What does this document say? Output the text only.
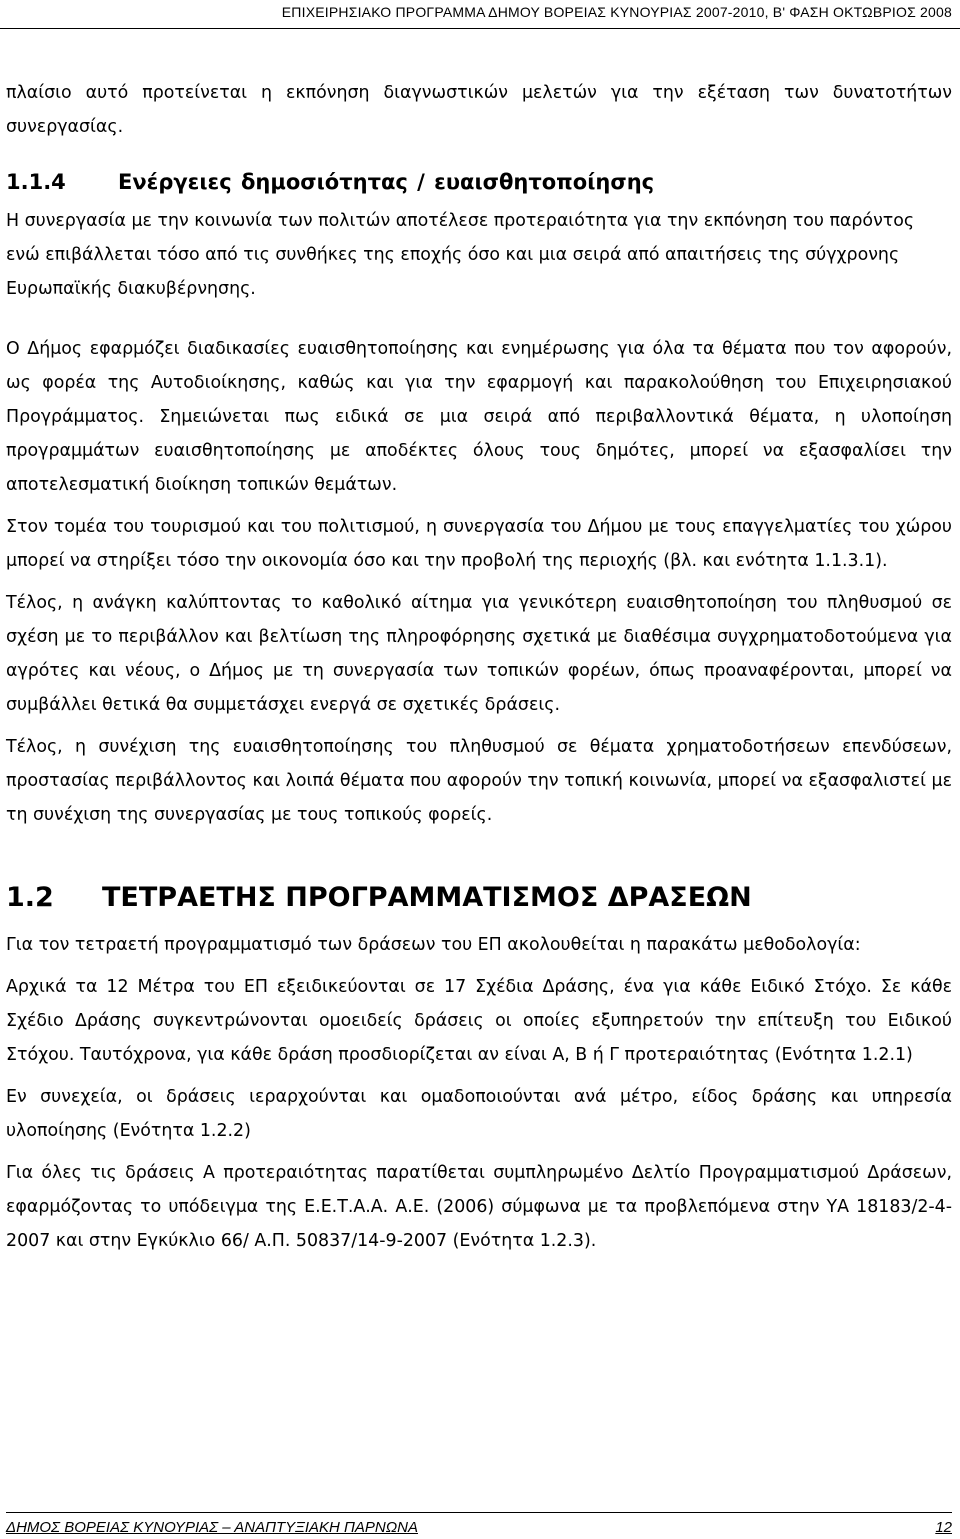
ΕΠΙΧΕΙΡΗΣΙΑΚΟ ΠΡΟΓΡΑΜΜΑ ΔΗΜΟΥ ΒΟΡΕΙΑΣ ΚΥΝΟΥΡΙΑΣ 2007-2010, Β' ΦΑΣΗ ΟΚΤΩΒΡΙΟΣ 2008

πλαίσιο αυτό προτείνεται η εκπόνηση διαγνωστικών μελετών για την εξέταση των δυνατοτήτων συνεργασίας.

1.1.4 Ενέργειες δημοσιότητας / ευαισθητοποίησης

Η συνεργασία με την κοινωνία των πολιτών αποτέλεσε προτεραιότητα για την εκπόνηση του παρόντος ενώ επιβάλλεται τόσο από τις συνθήκες της εποχής όσο και μια σειρά από απαιτήσεις της σύγχρονης Ευρωπαϊκής διακυβέρνησης.

Ο Δήμος εφαρμόζει διαδικασίες ευαισθητοποίησης και ενημέρωσης για όλα τα θέματα που τον αφορούν, ως φορέα της Αυτοδιοίκησης, καθώς και για την εφαρμογή και παρακολούθηση του Επιχειρησιακού Προγράμματος. Σημειώνεται πως ειδικά σε μια σειρά από περιβαλλοντικά θέματα, η υλοποίηση προγραμμάτων ευαισθητοποίησης με αποδέκτες όλους τους δημότες, μπορεί να εξασφαλίσει την αποτελεσματική διοίκηση τοπικών θεμάτων.

Στον τομέα του τουρισμού και του πολιτισμού, η συνεργασία του Δήμου με τους επαγγελματίες του χώρου μπορεί να στηρίξει τόσο την οικονομία όσο και την προβολή της περιοχής (βλ. και ενότητα 1.1.3.1).

Τέλος, η ανάγκη καλύπτοντας το καθολικό αίτημα για γενικότερη ευαισθητοποίηση του πληθυσμού σε σχέση με το περιβάλλον και βελτίωση της πληροφόρησης σχετικά με διαθέσιμα συγχρηματοδοτούμενα για αγρότες και νέους, ο Δήμος με τη συνεργασία των τοπικών φορέων, όπως προαναφέρονται, μπορεί να συμβάλλει θετικά θα συμμετάσχει ενεργά σε σχετικές δράσεις.

Τέλος, η συνέχιση της ευαισθητοποίησης του πληθυσμού σε θέματα χρηματοδοτήσεων επενδύσεων, προστασίας περιβάλλοντος και λοιπά θέματα που αφορούν την τοπική κοινωνία, μπορεί να εξασφαλιστεί με τη συνέχιση της συνεργασίας με τους τοπικούς φορείς.

1.2 ΤΕΤΡΑΕΤΗΣ ΠΡΟΓΡΑΜΜΑΤΙΣΜΟΣ ΔΡΑΣΕΩΝ

Για τον τετραετή προγραμματισμό των δράσεων του ΕΠ ακολουθείται η παρακάτω μεθοδολογία:

Αρχικά τα 12 Μέτρα του ΕΠ εξειδικεύονται σε 17 Σχέδια Δράσης, ένα για κάθε Ειδικό Στόχο. Σε κάθε Σχέδιο Δράσης συγκεντρώνονται ομοειδείς δράσεις οι οποίες εξυπηρετούν την επίτευξη του Ειδικού Στόχου. Ταυτόχρονα, για κάθε δράση προσδιορίζεται αν είναι Α, Β ή Γ προτεραιότητας (Ενότητα 1.2.1)

Εν συνεχεία, οι δράσεις ιεραρχούνται και ομαδοποιούνται ανά μέτρο, είδος δράσης και υπηρεσία υλοποίησης (Ενότητα 1.2.2)

Για όλες τις δράσεις Α προτεραιότητας παρατίθεται συμπληρωμένο Δελτίο Προγραμματισμού Δράσεων, εφαρμόζοντας το υπόδειγμα της Ε.Ε.Τ.Α.Α. Α.Ε. (2006) σύμφωνα με τα προβλεπόμενα στην ΥΑ 18183/2-4-2007 και στην Εγκύκλιο 66/ Α.Π. 50837/14-9-2007 (Ενότητα 1.2.3).

ΔΗΜΟΣ ΒΟΡΕΙΑΣ ΚΥΝΟΥΡΙΑΣ – ΑΝΑΠΤΥΞΙΑΚΗ ΠΑΡΝΩΝΑ	12
